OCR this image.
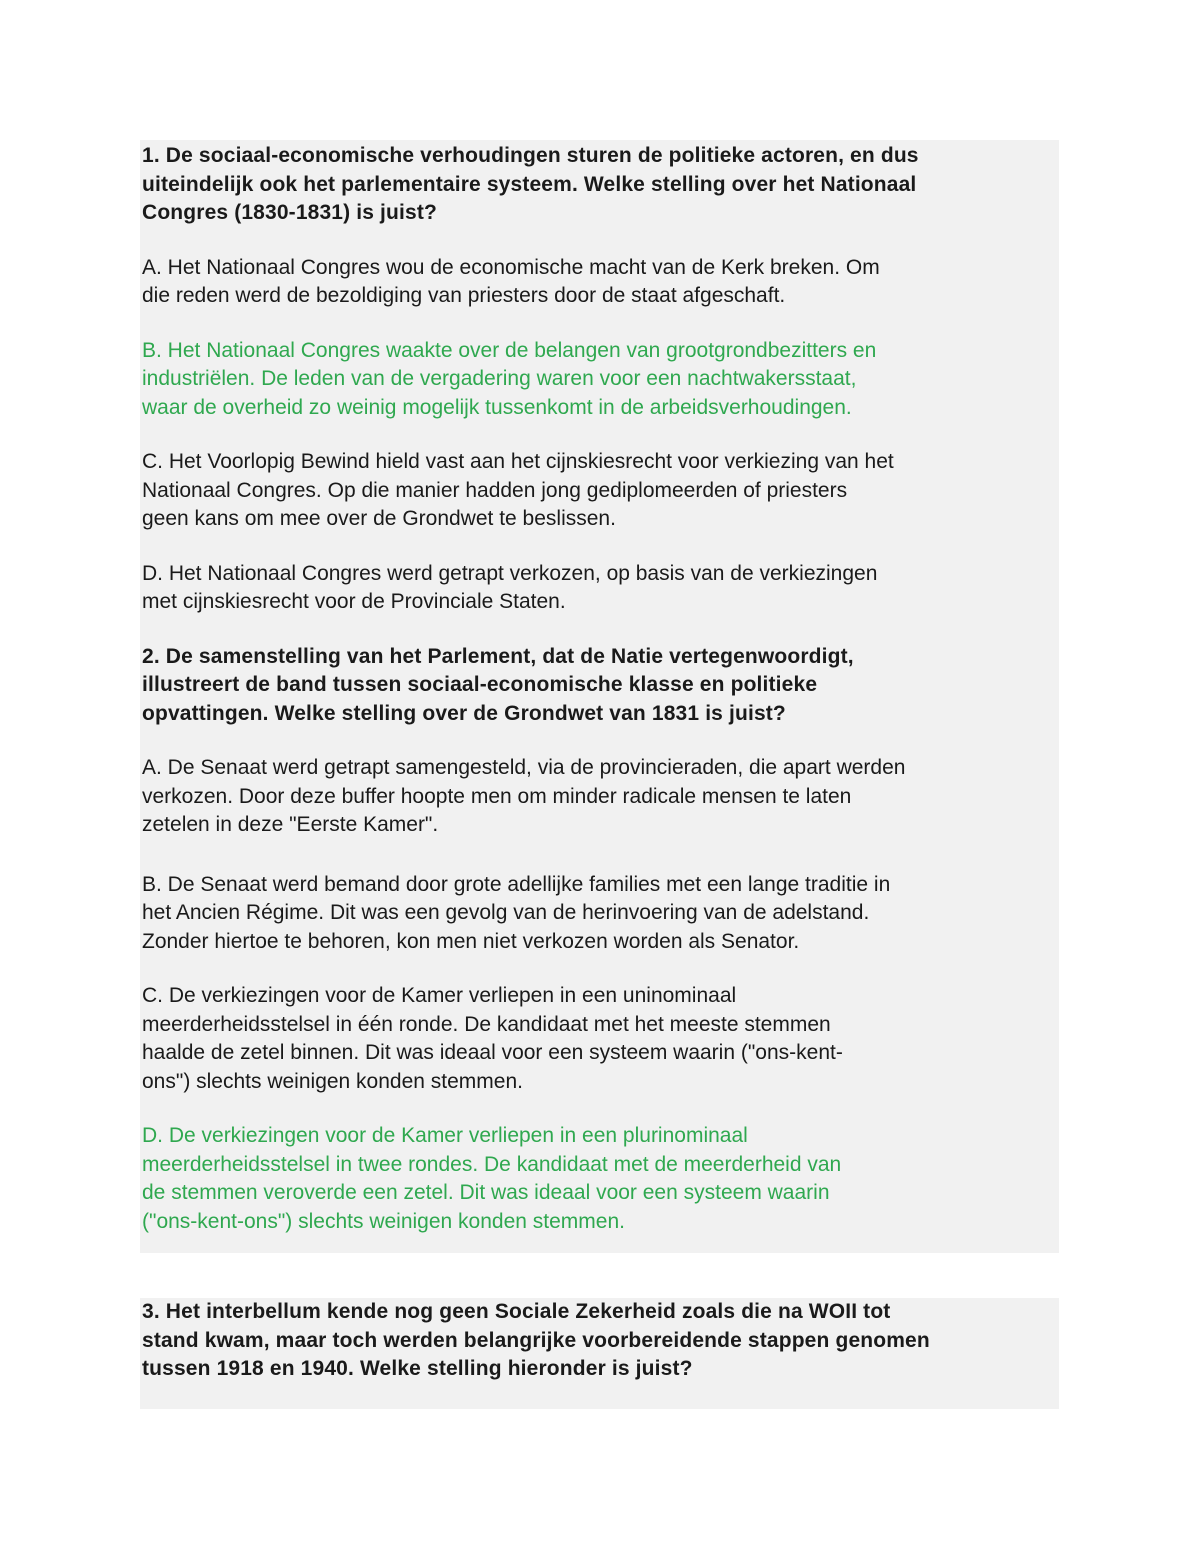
1. De sociaal-economische verhoudingen sturen de politieke actoren, en dus
uiteindelijk ook het parlementaire systeem. Welke stelling over het Nationaal
Congres (1830-1831) is juist?

A. Het Nationaal Congres wou de economische macht van de Kerk breken. Om
die reden werd de bezoldiging van priesters door de staat afgeschaft.

B. Het Nationaal Congres waakte over de belangen van grootgrondbezitters en
industriëlen. De leden van de vergadering waren voor een nachtwakersstaat,
waar de overheid zo weinig mogelijk tussenkomt in de arbeidsverhoudingen.

C. Het Voorlopig Bewind hield vast aan het cijnskiesrecht voor verkiezing van het
Nationaal Congres. Op die manier hadden jong gediplomeerden of priesters
geen kans om mee over de Grondwet te beslissen.

D. Het Nationaal Congres werd getrapt verkozen, op basis van de verkiezingen
met cijnskiesrecht voor de Provinciale Staten.

2. De samenstelling van het Parlement, dat de Natie vertegenwoordigt,
illustreert de band tussen sociaal-economische klasse en politieke
opvattingen. Welke stelling over de Grondwet van 1831 is juist?

A. De Senaat werd getrapt samengesteld, via de provincieraden, die apart werden
verkozen. Door deze buffer hoopte men om minder radicale mensen te laten
zetelen in deze "Eerste Kamer".

B. De Senaat werd bemand door grote adellijke families met een lange traditie in
het Ancien Régime. Dit was een gevolg van de herinvoering van de adelstand.
Zonder hiertoe te behoren, kon men niet verkozen worden als Senator.

C. De verkiezingen voor de Kamer verliepen in een uninominaal
meerderheidsstelsel in één ronde. De kandidaat met het meeste stemmen
haalde de zetel binnen. Dit was ideaal voor een systeem waarin ("ons-kent-
ons") slechts weinigen konden stemmen.

D. De verkiezingen voor de Kamer verliepen in een plurinominaal
meerderheidsstelsel in twee rondes. De kandidaat met de meerderheid van
de stemmen veroverde een zetel. Dit was ideaal voor een systeem waarin
("ons-kent-ons") slechts weinigen konden stemmen.

3. Het interbellum kende nog geen Sociale Zekerheid zoals die na WOII tot
stand kwam, maar toch werden belangrijke voorbereidende stappen genomen
tussen 1918 en 1940. Welke stelling hieronder is juist?
